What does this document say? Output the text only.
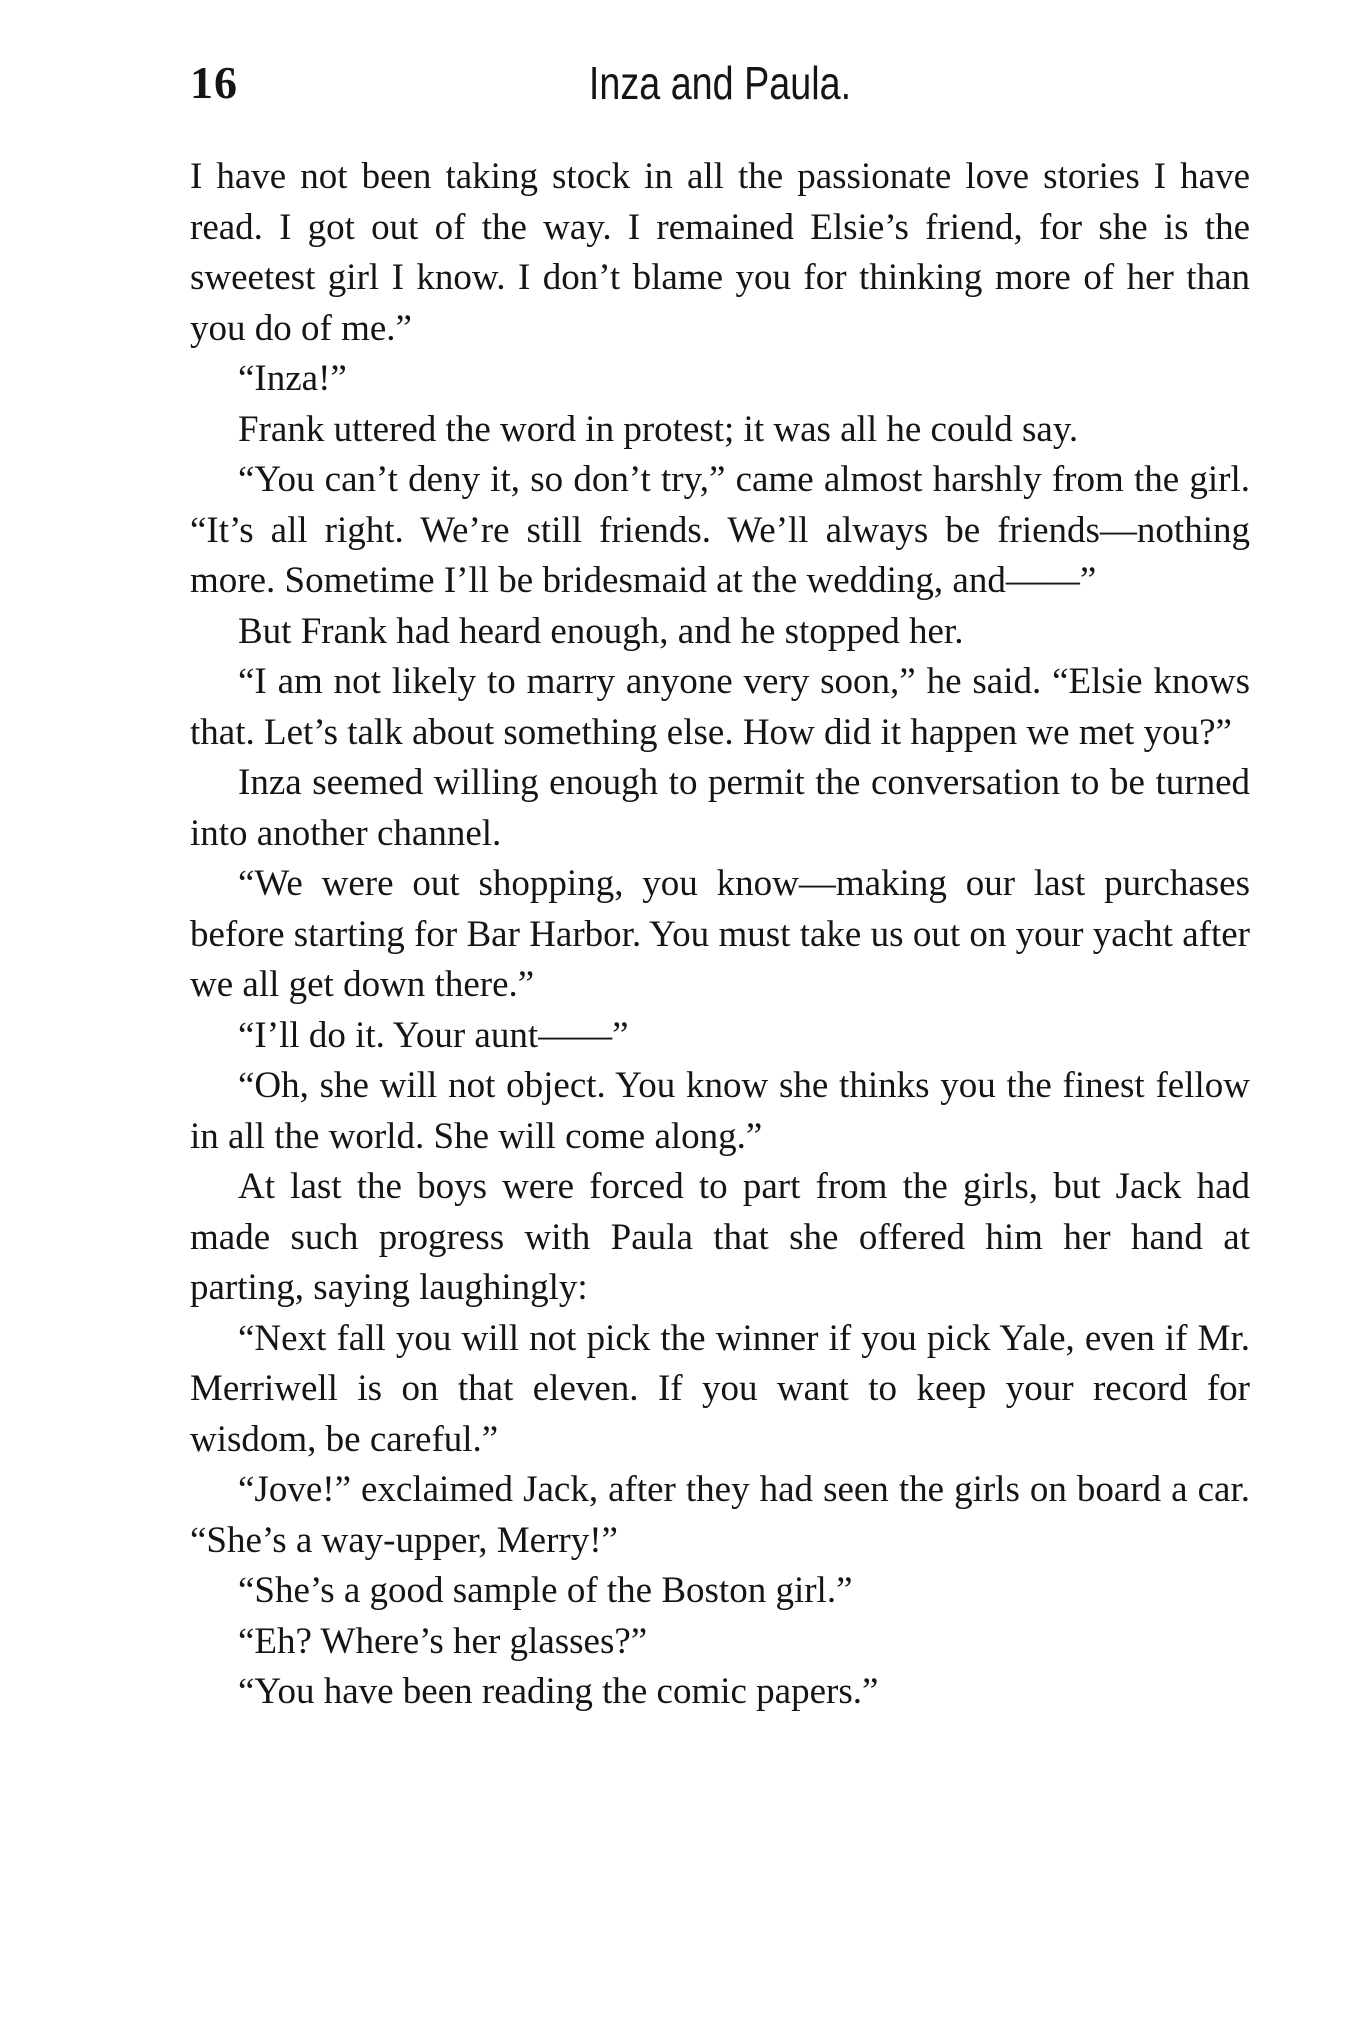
16	Inza and Paula.

I have not been taking stock in all the passionate love stories I have read. I got out of the way. I remained Elsie’s friend, for she is the sweetest girl I know. I don’t blame you for thinking more of her than you do of me.”

“Inza!”

Frank uttered the word in protest; it was all he could say.

“You can’t deny it, so don’t try,” came almost harshly from the girl. “It’s all right. We’re still friends. We’ll always be friends—nothing more. Sometime I’ll be bridesmaid at the wedding, and——”

But Frank had heard enough, and he stopped her.

“I am not likely to marry anyone very soon,” he said. “Elsie knows that. Let’s talk about something else. How did it happen we met you?”

Inza seemed willing enough to permit the conversation to be turned into another channel.

“We were out shopping, you know—making our last purchases before starting for Bar Harbor. You must take us out on your yacht after we all get down there.”

“I’ll do it. Your aunt——”

“Oh, she will not object. You know she thinks you the finest fellow in all the world. She will come along.”

At last the boys were forced to part from the girls, but Jack had made such progress with Paula that she offered him her hand at parting, saying laughingly:

“Next fall you will not pick the winner if you pick Yale, even if Mr. Merriwell is on that eleven. If you want to keep your record for wisdom, be careful.”

“Jove!” exclaimed Jack, after they had seen the girls on board a car. “She’s a way-upper, Merry!”

“She’s a good sample of the Boston girl.”

“Eh? Where’s her glasses?”

“You have been reading the comic papers.”
